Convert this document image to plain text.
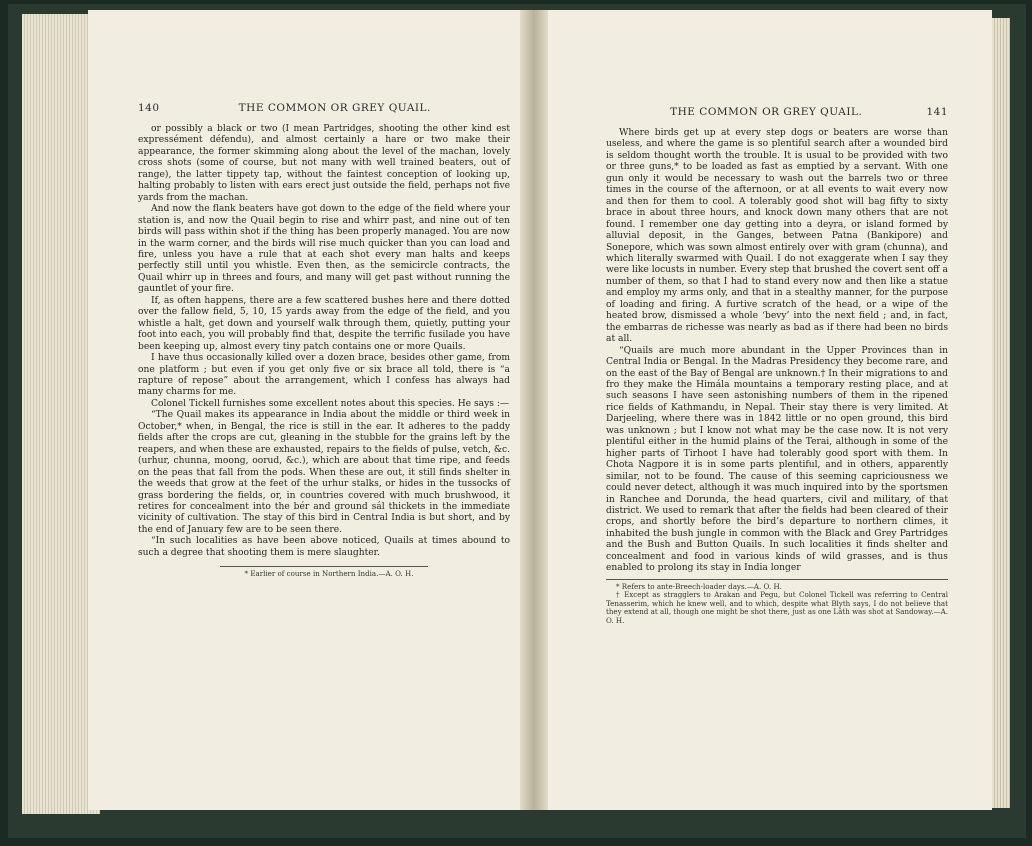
140	THE COMMON OR GREY QUAIL.

or possibly a black or two (I mean Partridges, shooting the other kind est expressément défendu), and almost certainly a hare or two make their appearance, the former skimming along about the level of the machan, lovely cross shots (some of course, but not many with well trained beaters, out of range), the latter tippety tap, without the faintest conception of looking up, halting probably to listen with ears erect just outside the field, perhaps not five yards from the machan.

And now the flank beaters have got down to the edge of the field where your station is, and now the Quail begin to rise and whirr past, and nine out of ten birds will pass within shot if the thing has been properly managed. You are now in the warm corner, and the birds will rise much quicker than you can load and fire, unless you have a rule that at each shot every man halts and keeps perfectly still until you whistle. Even then, as the semicircle contracts, the Quail whirr up in threes and fours, and many will get past without running the gauntlet of your fire.

If, as often happens, there are a few scattered bushes here and there dotted over the fallow field, 5, 10, 15 yards away from the edge of the field, and you whistle a halt, get down and yourself walk through them, quietly, putting your foot into each, you will probably find that, despite the terrific fusilade you have been keeping up, almost every tiny patch contains one or more Quails.

I have thus occasionally killed over a dozen brace, besides other game, from one platform ; but even if you get only five or six brace all told, there is “a rapture of repose” about the arrangement, which I confess has always had many charms for me.

Colonel Tickell furnishes some excellent notes about this species. He says :—

“The Quail makes its appearance in India about the middle or third week in October,* when, in Bengal, the rice is still in the ear. It adheres to the paddy fields after the crops are cut, gleaning in the stubble for the grains left by the reapers, and when these are exhausted, repairs to the fields of pulse, vetch, &c. (urhur, chunna, moong, oorud, &c.), which are about that time ripe, and feeds on the peas that fall from the pods. When these are out, it still finds shelter in the weeds that grow at the feet of the urhur stalks, or hides in the tussocks of grass bordering the fields, or, in countries covered with much brushwood, it retires for concealment into the bér and ground sál thickets in the immediate vicinity of cultivation. The stay of this bird in Central India is but short, and by the end of January few are to be seen there.

“In such localities as have been above noticed, Quails at times abound to such a degree that shooting them is mere slaughter.

* Earlier of course in Northern India.—A. O. H.

THE COMMON OR GREY QUAIL.	141

Where birds get up at every step dogs or beaters are worse than useless, and where the game is so plentiful search after a wounded bird is seldom thought worth the trouble. It is usual to be provided with two or three guns,* to be loaded as fast as emptied by a servant. With one gun only it would be necessary to wash out the barrels two or three times in the course of the afternoon, or at all events to wait every now and then for them to cool. A tolerably good shot will bag fifty to sixty brace in about three hours, and knock down many others that are not found. I remember one day getting into a deyra, or island formed by alluvial deposit, in the Ganges, between Patna (Bankipore) and Sonepore, which was sown almost entirely over with gram (chunna), and which literally swarmed with Quail. I do not exaggerate when I say they were like locusts in number. Every step that brushed the covert sent off a number of them, so that I had to stand every now and then like a statue and employ my arms only, and that in a stealthy manner, for the purpose of loading and firing. A furtive scratch of the head, or a wipe of the heated brow, dismissed a whole ‘bevy’ into the next field ; and, in fact, the embarras de richesse was nearly as bad as if there had been no birds at all.

“Quails are much more abundant in the Upper Provinces than in Central India or Bengal. In the Madras Presidency they become rare, and on the east of the Bay of Bengal are unknown.† In their migrations to and fro they make the Himála mountains a temporary resting place, and at such seasons I have seen astonishing numbers of them in the ripened rice fields of Kathmandu, in Nepal. Their stay there is very limited. At Darjeeling, where there was in 1842 little or no open ground, this bird was unknown ; but I know not what may be the case now. It is not very plentiful either in the humid plains of the Terai, although in some of the higher parts of Tirhoot I have had tolerably good sport with them. In Chota Nagpore it is in some parts plentiful, and in others, apparently similar, not to be found. The cause of this seeming capriciousness we could never detect, although it was much inquired into by the sportsmen in Ranchee and Dorunda, the head quarters, civil and military, of that district. We used to remark that after the fields had been cleared of their crops, and shortly before the bird’s departure to northern climes, it inhabited the bush jungle in common with the Black and Grey Partridges and the Bush and Button Quails. In such localities it finds shelter and concealment and food in various kinds of wild grasses, and is thus enabled to prolong its stay in India longer

* Refers to ante-Breech-loader days.—A. O. H.

† Except as stragglers to Arakan and Pegu, but Colonel Tickell was referring to Central Tenasserim, which he knew well, and to which, despite what Blyth says, I do not believe that they extend at all, though one might be shot there, just as one Lâth was shot at Sandoway.—A. O. H.
